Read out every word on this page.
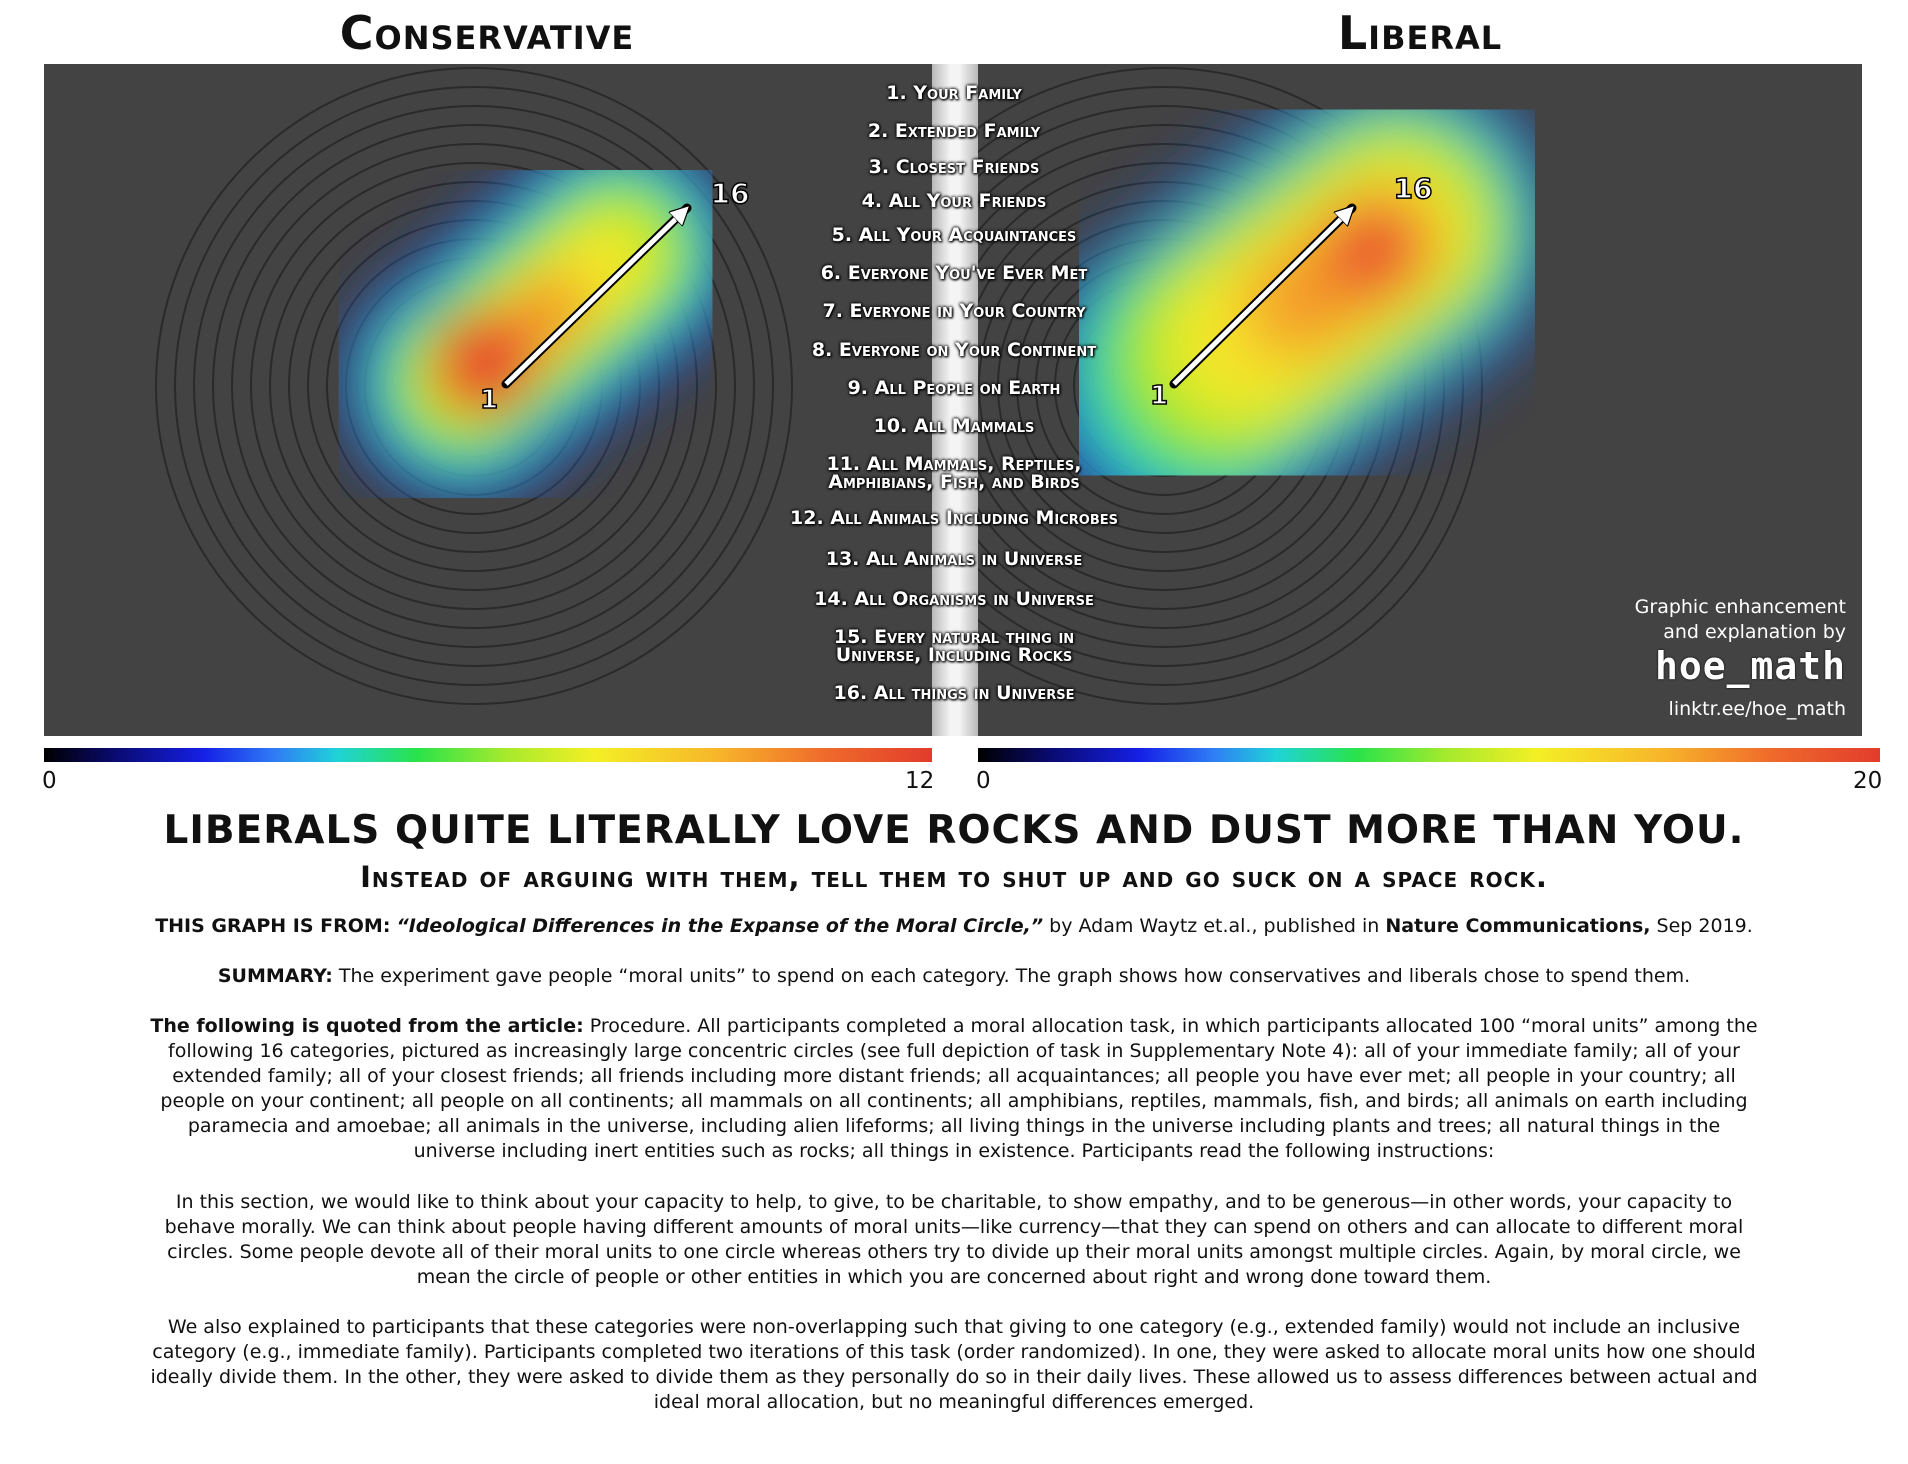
Conservative	Liberal
1
16	16
1
Graphic enhancement
and explanation by
hoe_math
linktr.ee/hoe_math
1. Your Family
2. Extended Family
3. Closest Friends
4. All Your Friends
5. All Your Acquaintances
6. Everyone You've Ever Met
7. Everyone in Your Country
8. Everyone on Your Continent
9. All People on Earth
10. All Mammals
11. All Mammals, Reptiles,
Amphibians, Fish, and Birds
12. All Animals Including Microbes
13. All Animals in Universe
14. All Organisms in Universe
15. Every natural thing in
Universe, Including Rocks
16. All things in Universe
0	12 0	20
LIBERALS QUITE LITERALLY LOVE ROCKS AND DUST MORE THAN YOU.
Instead of arguing with them, tell them to shut up and go suck on a space rock.

THIS GRAPH IS FROM: “Ideological Differences in the Expanse of the Moral Circle,” by Adam Waytz et.al., published in Nature Communications, Sep 2019.

SUMMARY: The experiment gave people “moral units” to spend on each category. The graph shows how conservatives and liberals chose to spend them.

The following is quoted from the article: Procedure. All participants completed a moral allocation task, in which participants allocated 100 “moral units” among the following 16 categories, pictured as increasingly large concentric circles (see full depiction of task in Supplementary Note 4): all of your immediate family; all of your extended family; all of your closest friends; all friends including more distant friends; all acquaintances; all people you have ever met; all people in your country; all people on your continent; all people on all continents; all mammals on all continents; all amphibians, reptiles, mammals, fish, and birds; all animals on earth including paramecia and amoebae; all animals in the universe, including alien lifeforms; all living things in the universe including plants and trees; all natural things in the universe including inert entities such as rocks; all things in existence. Participants read the following instructions:

In this section, we would like to think about your capacity to help, to give, to be charitable, to show empathy, and to be generous—in other words, your capacity to behave morally. We can think about people having different amounts of moral units—like currency—that they can spend on others and can allocate to different moral circles. Some people devote all of their moral units to one circle whereas others try to divide up their moral units amongst multiple circles. Again, by moral circle, we mean the circle of people or other entities in which you are concerned about right and wrong done toward them.

We also explained to participants that these categories were non-overlapping such that giving to one category (e.g., extended family) would not include an inclusive category (e.g., immediate family). Participants completed two iterations of this task (order randomized). In one, they were asked to allocate moral units how one should ideally divide them. In the other, they were asked to divide them as they personally do so in their daily lives. These allowed us to assess differences between actual and ideal moral allocation, but no meaningful differences emerged.
